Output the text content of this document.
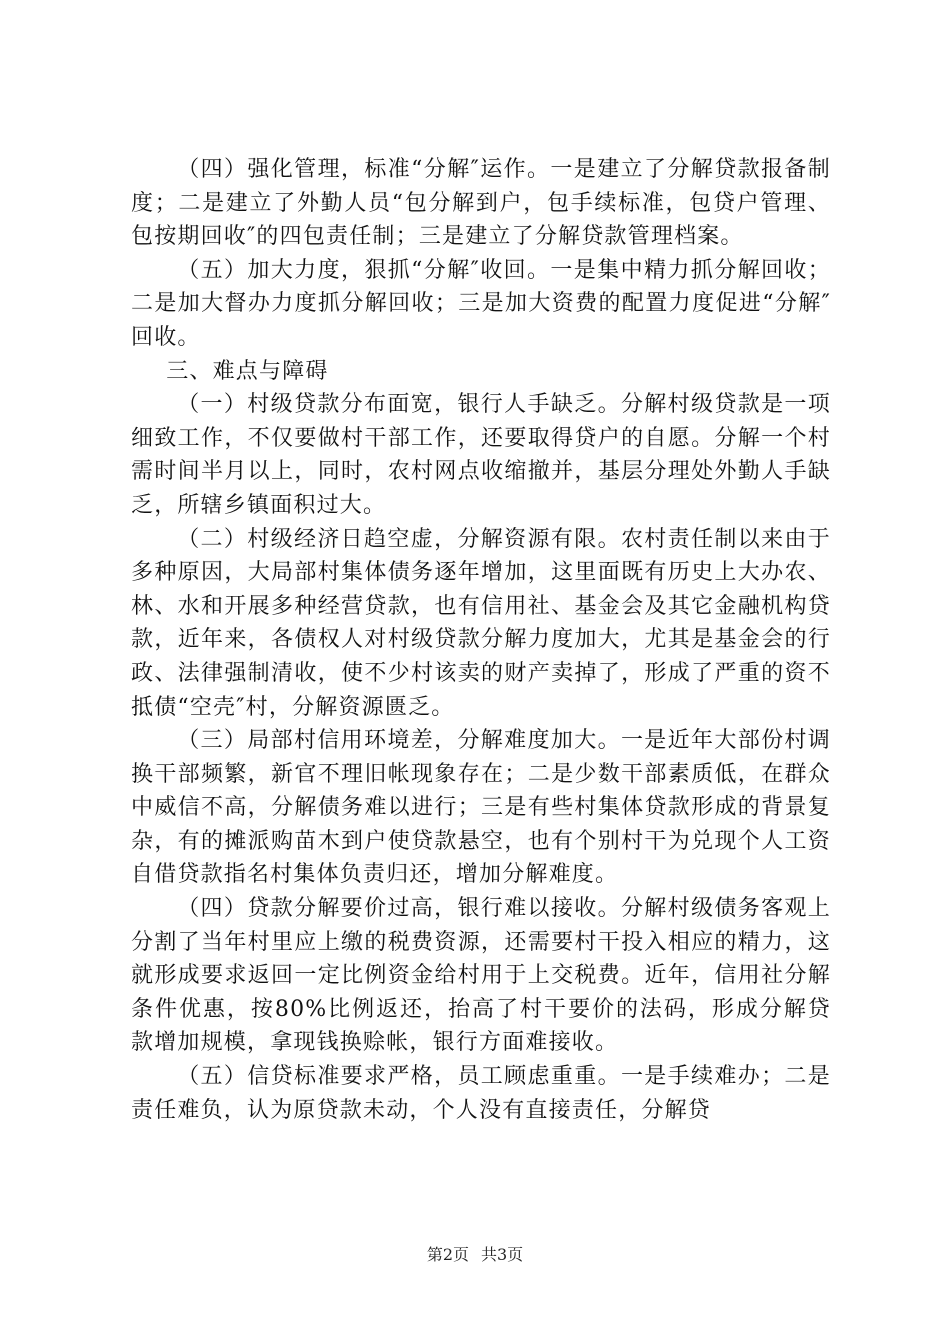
（四）强化管理，标准“分解″运作。一是建立了分解贷款报备制度；二是建立了外勤人员“包分解到户，包手续标准，包贷户管理、包按期回收″的四包责任制；三是建立了分解贷款管理档案。

（五）加大力度，狠抓“分解″收回。一是集中精力抓分解回收；二是加大督办力度抓分解回收；三是加大资费的配置力度促进“分解″回收。

三、难点与障碍

（一）村级贷款分布面宽，银行人手缺乏。分解村级贷款是一项细致工作，不仅要做村干部工作，还要取得贷户的自愿。分解一个村需时间半月以上，同时，农村网点收缩撤并，基层分理处外勤人手缺乏，所辖乡镇面积过大。

（二）村级经济日趋空虚，分解资源有限。农村责任制以来由于多种原因，大局部村集体债务逐年增加，这里面既有历史上大办农、林、水和开展多种经营贷款，也有信用社、基金会及其它金融机构贷款，近年来，各债权人对村级贷款分解力度加大，尤其是基金会的行政、法律强制清收，使不少村该卖的财产卖掉了，形成了严重的资不抵债“空壳″村，分解资源匮乏。

（三）局部村信用环境差，分解难度加大。一是近年大部份村调换干部频繁，新官不理旧帐现象存在；二是少数干部素质低，在群众中威信不高，分解债务难以进行；三是有些村集体贷款形成的背景复杂，有的摊派购苗木到户使贷款悬空，也有个别村干为兑现个人工资自借贷款指名村集体负责归还，增加分解难度。

（四）贷款分解要价过高，银行难以接收。分解村级债务客观上分割了当年村里应上缴的税费资源，还需要村干投入相应的精力，这就形成要求返回一定比例资金给村用于上交税费。近年，信用社分解条件优惠，按80%比例返还，抬高了村干要价的法码，形成分解贷款增加规模，拿现钱换赊帐，银行方面难接收。

（五）信贷标准要求严格，员工顾虑重重。一是手续难办；二是责任难负，认为原贷款未动，个人没有直接责任，分解贷

第2页 共3页
